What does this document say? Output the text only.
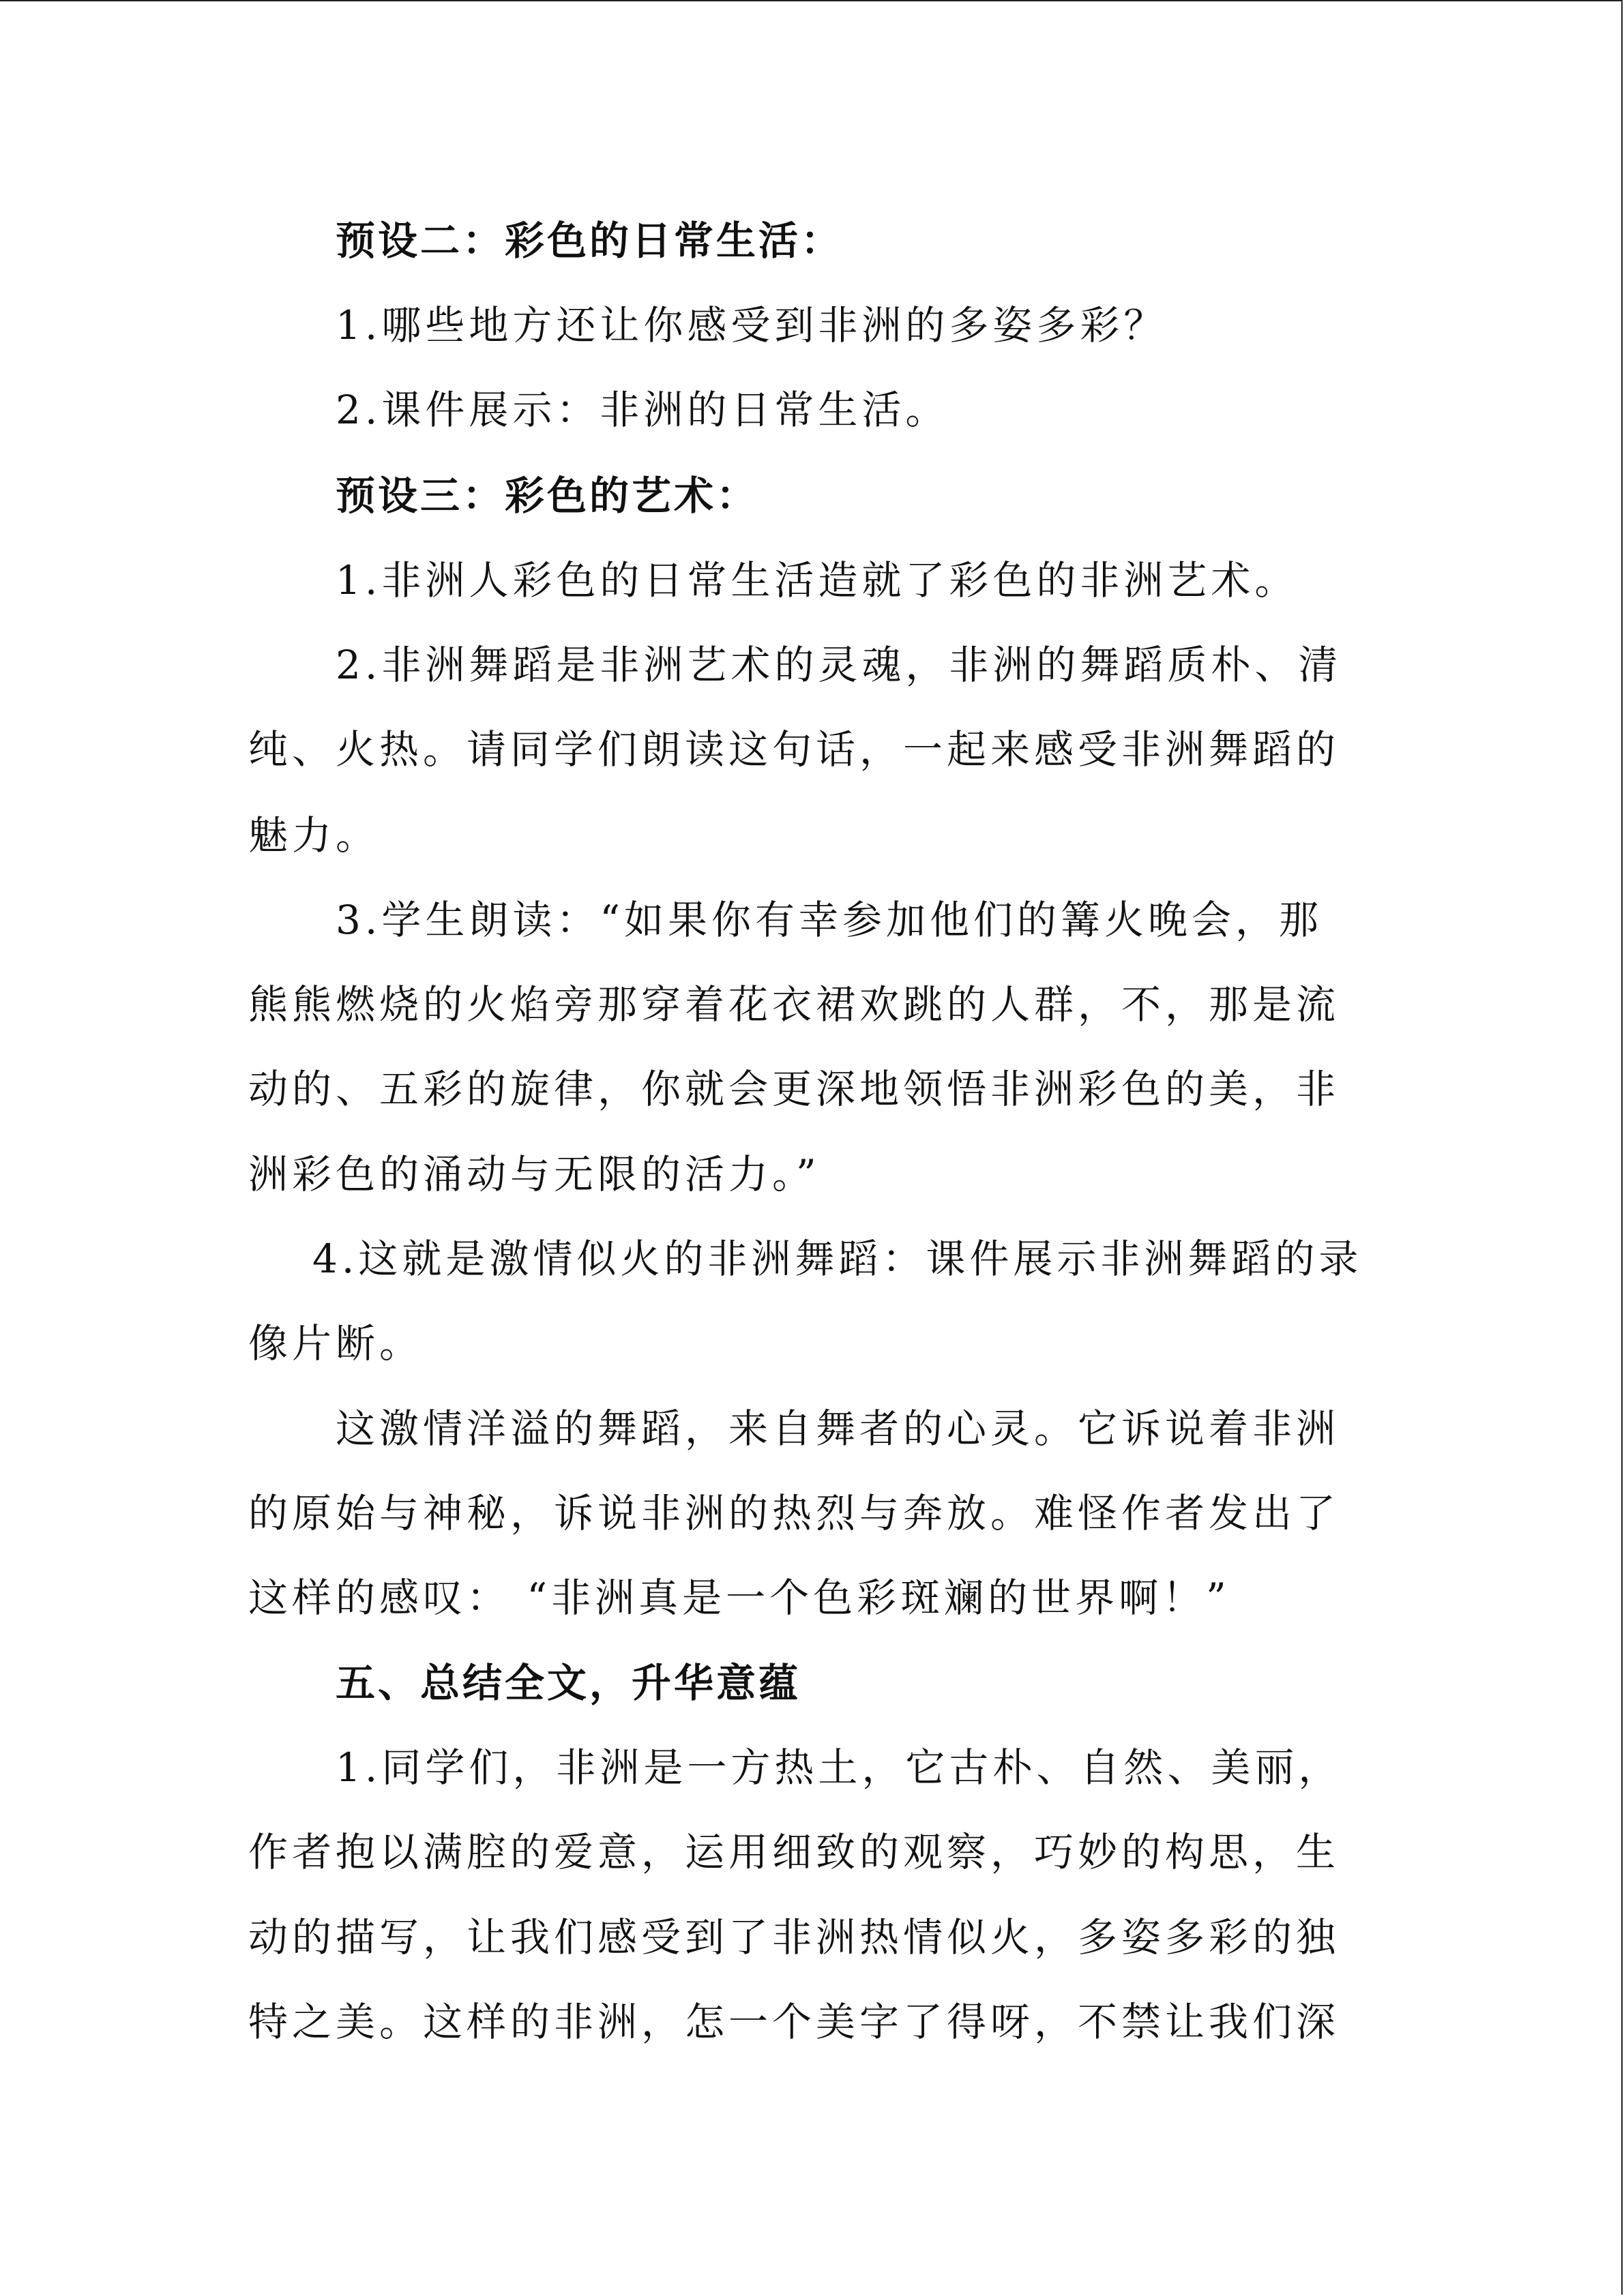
预设二：彩色的日常生活：
1.哪些地方还让你感受到非洲的多姿多彩？
2.课件展示：非洲的日常生活。
预设三：彩色的艺术：
1.非洲人彩色的日常生活造就了彩色的非洲艺术。
2.非洲舞蹈是非洲艺术的灵魂，非洲的舞蹈质朴、清
纯、火热。请同学们朗读这句话，一起来感受非洲舞蹈的
魅力。
3.学生朗读：“如果你有幸参加他们的篝火晚会，那
熊熊燃烧的火焰旁那穿着花衣裙欢跳的人群，不，那是流
动的、五彩的旋律，你就会更深地领悟非洲彩色的美，非
洲彩色的涌动与无限的活力。”
4.这就是激情似火的非洲舞蹈：课件展示非洲舞蹈的录
像片断。
这激情洋溢的舞蹈，来自舞者的心灵。它诉说着非洲
的原始与神秘，诉说非洲的热烈与奔放。难怪作者发出了
这样的感叹： “非洲真是一个色彩斑斓的世界啊！”
五、总结全文，升华意蕴
1.同学们，非洲是一方热土，它古朴、自然、美丽，
作者抱以满腔的爱意，运用细致的观察，巧妙的构思，生
动的描写，让我们感受到了非洲热情似火，多姿多彩的独
特之美。这样的非洲，怎一个美字了得呀，不禁让我们深
